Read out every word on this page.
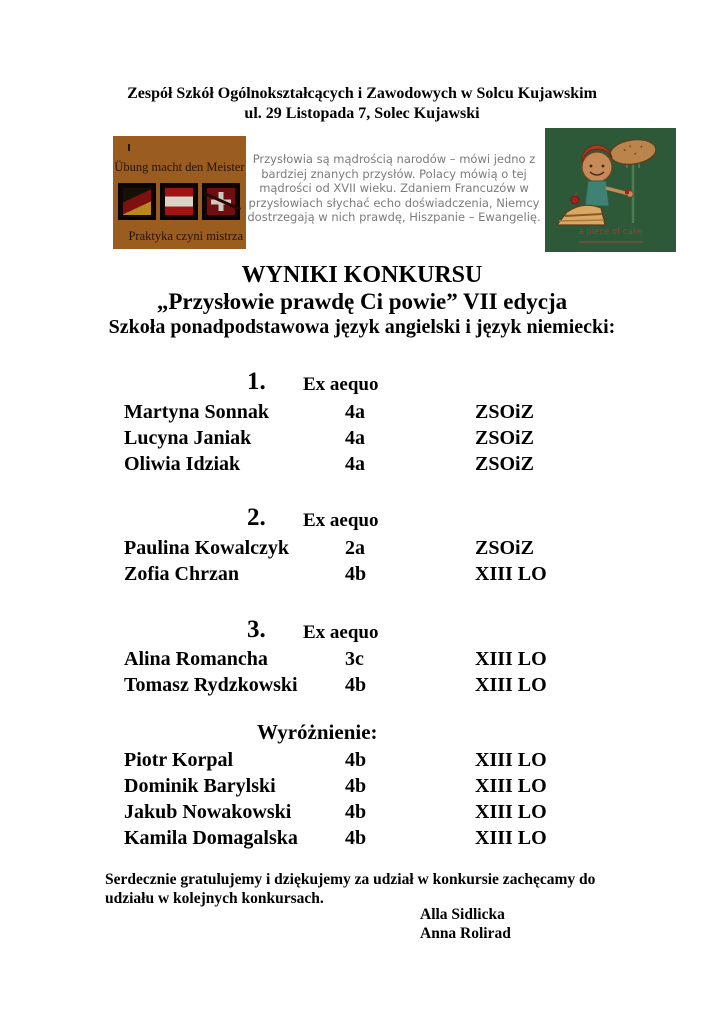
Zespół Szkół Ogólnokształcących i Zawodowych w Solcu Kujawskim
ul. 29 Listopada 7, Solec Kujawski
Übung macht den Meister
Praktyka czyni mistrza
Przysłowia są mądrością narodów – mówi jedno z bardziej znanych przysłów. Polacy mówią o tej mądrości od XVII wieku. Zdaniem Francuzów w przysłowiach słychać echo doświadczenia, Niemcy dostrzegają w nich prawdę, Hiszpanie – Ewangelię.
a piece of cake
WYNIKI KONKURSU
„Przysłowie prawdę Ci powie” VII edycja
Szkoła ponadpodstawowa język angielski i język niemiecki:
1. Ex aequo
Martyna Sonnak	4a	ZSOiZ
Lucyna Janiak	4a	ZSOiZ
Oliwia Idziak	4a	ZSOiZ
2. Ex aequo
Paulina Kowalczyk	2a	ZSOiZ
Zofia Chrzan	4b	XIII LO
3. Ex aequo
Alina Romancha	3c	XIII LO
Tomasz Rydzkowski 4b	XIII LO
Wyróżnienie:
Piotr Korpal	4b	XIII LO
Dominik Barylski	4b	XIII LO
Jakub Nowakowski	4b	XIII LO
Kamila Domagalska 4b	XIII LO
Serdecznie gratulujemy i dziękujemy za udział w konkursie zachęcamy do udziału w kolejnych konkursach.
Alla Sidlicka
Anna Rolirad
